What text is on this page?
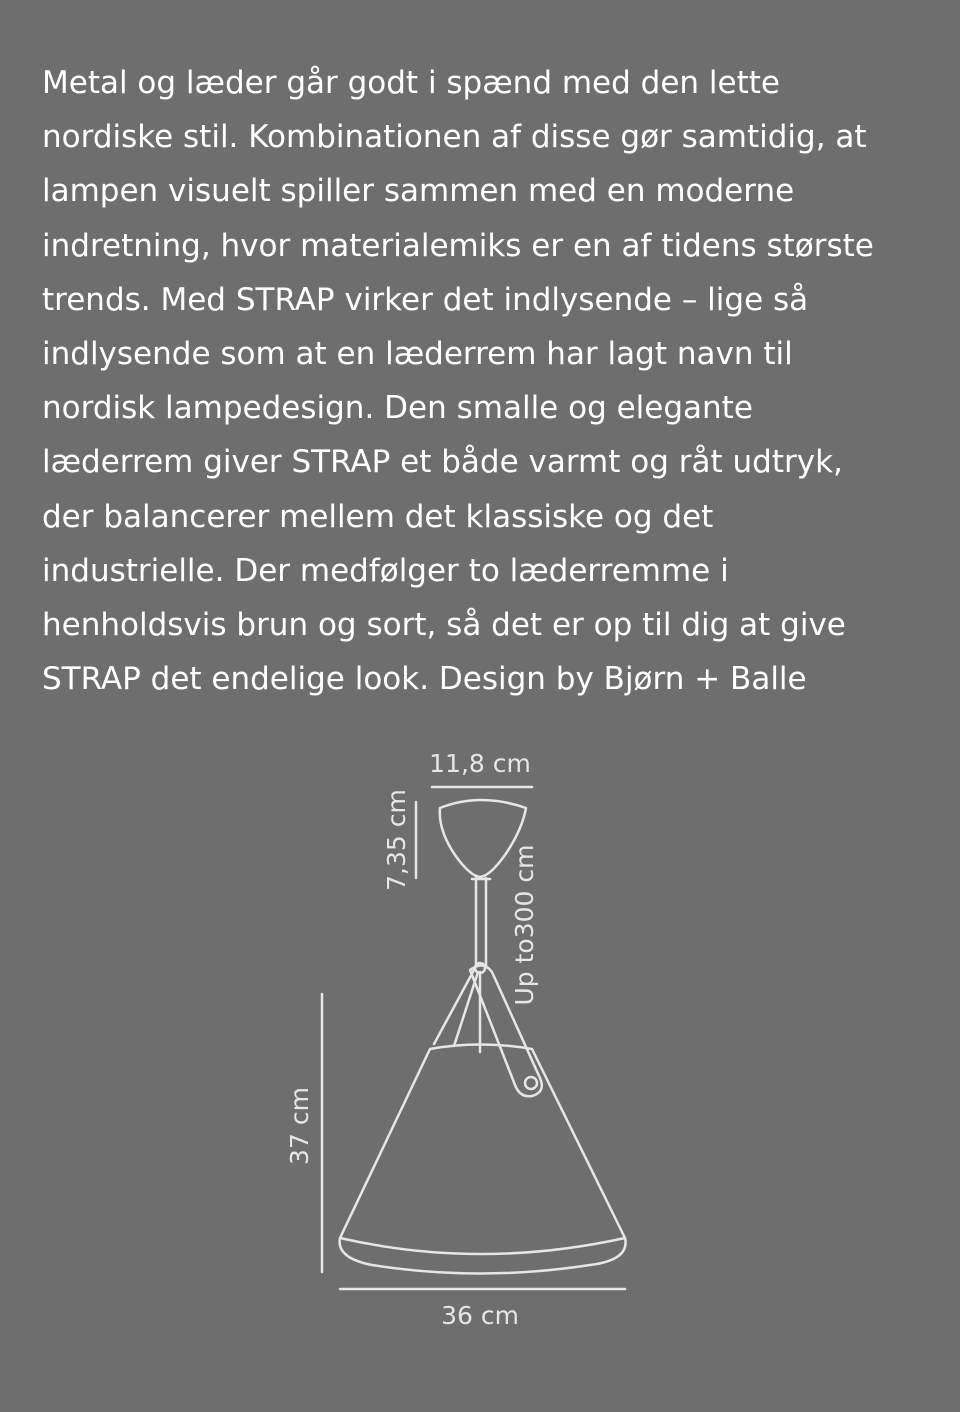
Metal og læder går godt i spænd med den lette
nordiske stil. Kombinationen af disse gør samtidig, at
lampen visuelt spiller sammen med en moderne
indretning, hvor materialemiks er en af tidens største
trends. Med STRAP virker det indlysende – lige så
indlysende som at en læderrem har lagt navn til
nordisk lampedesign. Den smalle og elegante
læderrem giver STRAP et både varmt og råt udtryk,
der balancerer mellem det klassiske og det
industrielle. Der medfølger to læderremme i
henholdsvis brun og sort, så det er op til dig at give
STRAP det endelige look. Design by Bjørn + Balle
11,8 cm
7,35 cm
Up to300 cm
37 cm
36 cm
